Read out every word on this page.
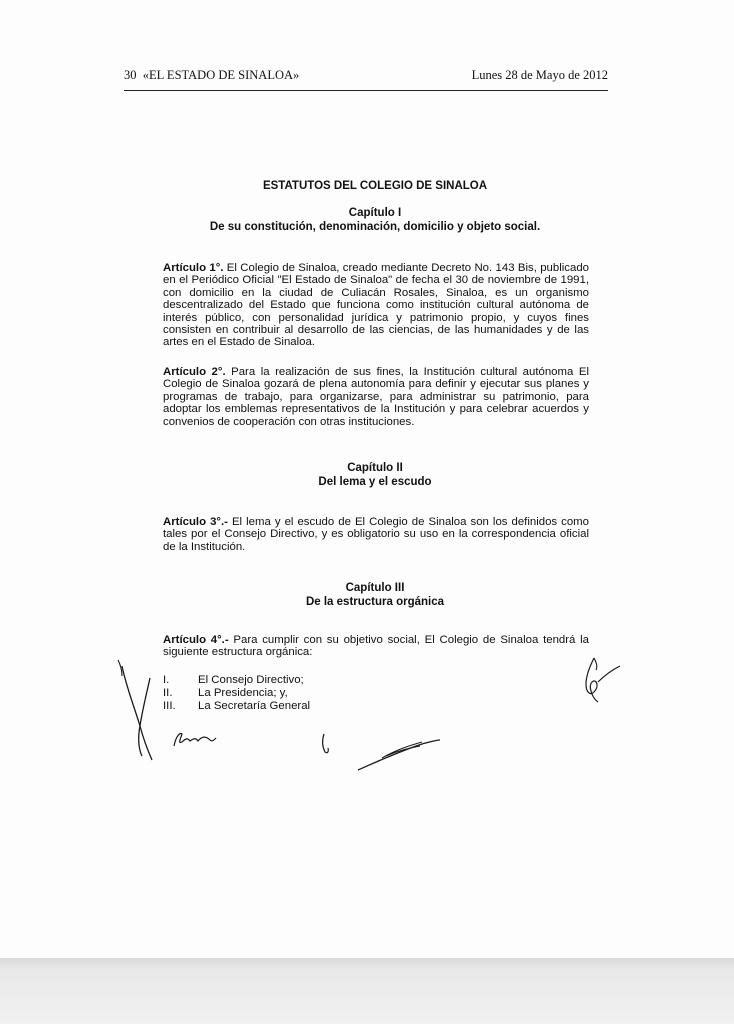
30  «EL ESTADO DE SINALOA»	Lunes 28 de Mayo de 2012
ESTATUTOS DEL COLEGIO DE SINALOA
Capítulo I
De su constitución, denominación, domicilio y objeto social.
Artículo 1°. El Colegio de Sinaloa, creado mediante Decreto No. 143 Bis, publicado en el Periódico Oficial "El Estado de Sinaloa" de fecha el 30 de noviembre de 1991, con domicilio en la ciudad de Culiacán Rosales, Sinaloa, es un organismo descentralizado del Estado que funciona como institución cultural autónoma de interés público, con personalidad jurídica y patrimonio propio, y cuyos fines consisten en contribuir al desarrollo de las ciencias, de las humanidades y de las artes en el Estado de Sinaloa.
Artículo 2°. Para la realización de sus fines, la Institución cultural autónoma El Colegio de Sinaloa gozará de plena autonomía para definir y ejecutar sus planes y programas de trabajo, para organizarse, para administrar su patrimonio, para adoptar los emblemas representativos de la Institución y para celebrar acuerdos y convenios de cooperación con otras instituciones.
Capítulo II
Del lema y el escudo
Artículo 3°.- El lema y el escudo de El Colegio de Sinaloa son los definidos como tales por el Consejo Directivo, y es obligatorio su uso en la correspondencia oficial de la Institución.
Capítulo III
De la estructura orgánica
Artículo 4°.- Para cumplir con su objetivo social, El Colegio de Sinaloa tendrá la siguiente estructura orgánica:
I.	El Consejo Directivo;
II.	La Presidencia; y,
III.	La Secretaría General
